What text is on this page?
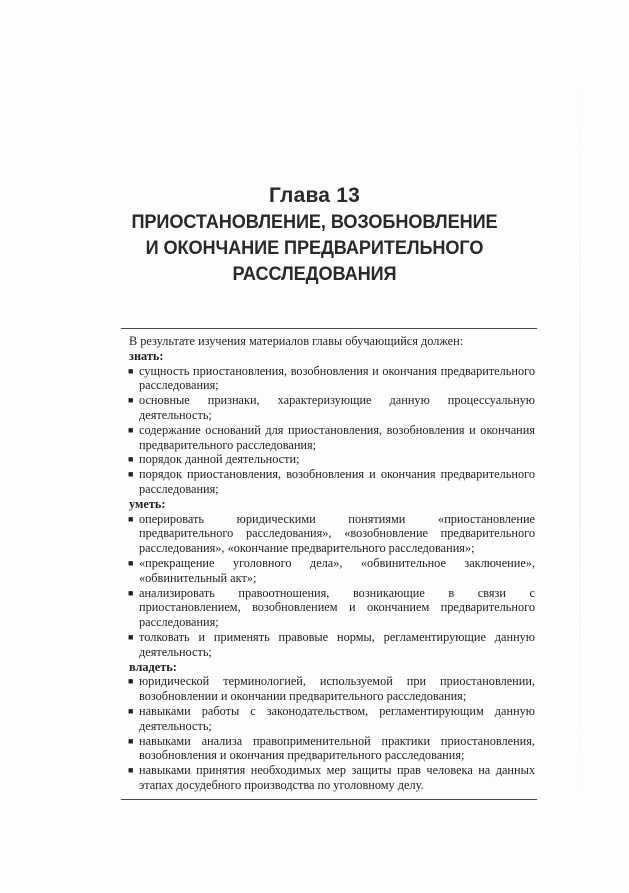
Глава 13
ПРИОСТАНОВЛЕНИЕ, ВОЗОБНОВЛЕНИЕ
И ОКОНЧАНИЕ ПРЕДВАРИТЕЛЬНОГО
РАССЛЕДОВАНИЯ

В результате изучения материалов главы обучающийся должен:

знать:

■ сущность приостановления, возобновления и окончания предварительного расследования;
■ основные признаки, характеризующие данную процессуальную деятельность;
■ содержание оснований для приостановления, возобновления и окончания предварительного расследования;
■ порядок данной деятельности;
■ порядок приостановления, возобновления и окончания предварительного расследования;

уметь:

■ оперировать юридическими понятиями «приостановление предварительного расследования», «возобновление предварительного расследования», «окончание предварительного расследования»;
■ «прекращение уголовного дела», «обвинительное заключение», «обвинительный акт»;
■ анализировать правоотношения, возникающие в связи с приостановлением, возобновлением и окончанием предварительного расследования;
■ толковать и применять правовые нормы, регламентирующие данную деятельность;

владеть:

■ юридической терминологией, используемой при приостановлении, возобновлении и окончании предварительного расследования;
■ навыками работы с законодательством, регламентирующим данную деятельность;
■ навыками анализа правоприменительной практики приостановления, возобновления и окончания предварительного расследования;
■ навыками принятия необходимых мер защиты прав человека на данных этапах досудебного производства по уголовному делу.
